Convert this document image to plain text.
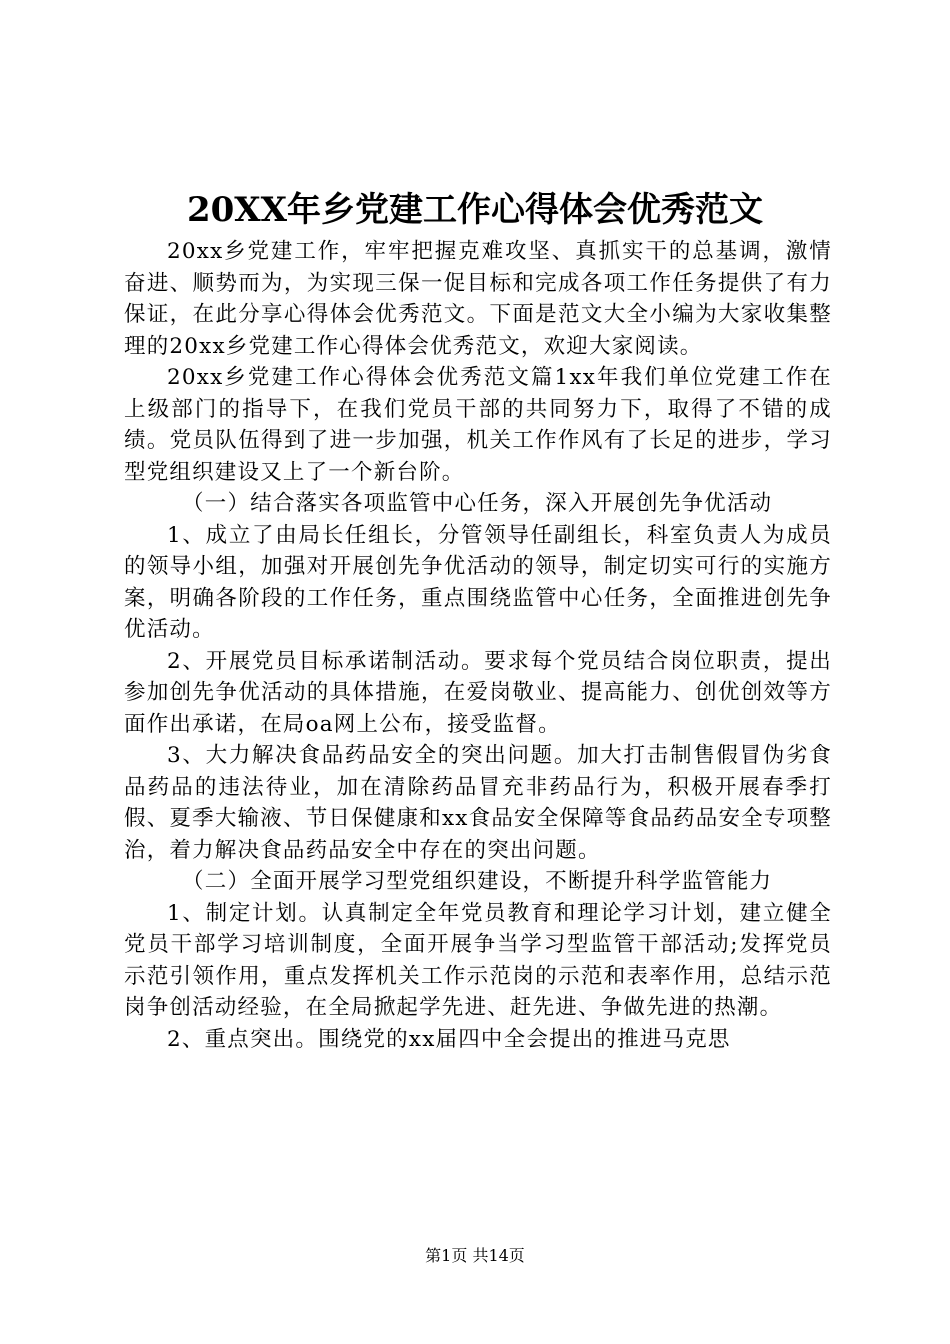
20XX年乡党建工作心得体会优秀范文

20xx乡党建工作，牢牢把握克难攻坚、真抓实干的总基调，激情奋进、顺势而为，为实现三保一促目标和完成各项工作任务提供了有力保证，在此分享心得体会优秀范文。下面是范文大全小编为大家收集整理的20xx乡党建工作心得体会优秀范文，欢迎大家阅读。

20xx乡党建工作心得体会优秀范文篇1xx年我们单位党建工作在上级部门的指导下，在我们党员干部的共同努力下，取得了不错的成绩。党员队伍得到了进一步加强，机关工作作风有了长足的进步，学习型党组织建设又上了一个新台阶。

（一）结合落实各项监管中心任务，深入开展创先争优活动

1、成立了由局长任组长，分管领导任副组长，科室负责人为成员的领导小组，加强对开展创先争优活动的领导，制定切实可行的实施方案，明确各阶段的工作任务，重点围绕监管中心任务，全面推进创先争优活动。

2、开展党员目标承诺制活动。要求每个党员结合岗位职责，提出参加创先争优活动的具体措施，在爱岗敬业、提高能力、创优创效等方面作出承诺，在局oa网上公布，接受监督。

3、大力解决食品药品安全的突出问题。加大打击制售假冒伪劣食品药品的违法待业，加在清除药品冒充非药品行为，积极开展春季打假、夏季大输液、节日保健康和xx食品安全保障等食品药品安全专项整治，着力解决食品药品安全中存在的突出问题。

（二）全面开展学习型党组织建设，不断提升科学监管能力

1、制定计划。认真制定全年党员教育和理论学习计划，建立健全党员干部学习培训制度，全面开展争当学习型监管干部活动;发挥党员示范引领作用，重点发挥机关工作示范岗的示范和表率作用，总结示范岗争创活动经验，在全局掀起学先进、赶先进、争做先进的热潮。

2、重点突出。围绕党的xx届四中全会提出的推进马克思

第1页 共14页
